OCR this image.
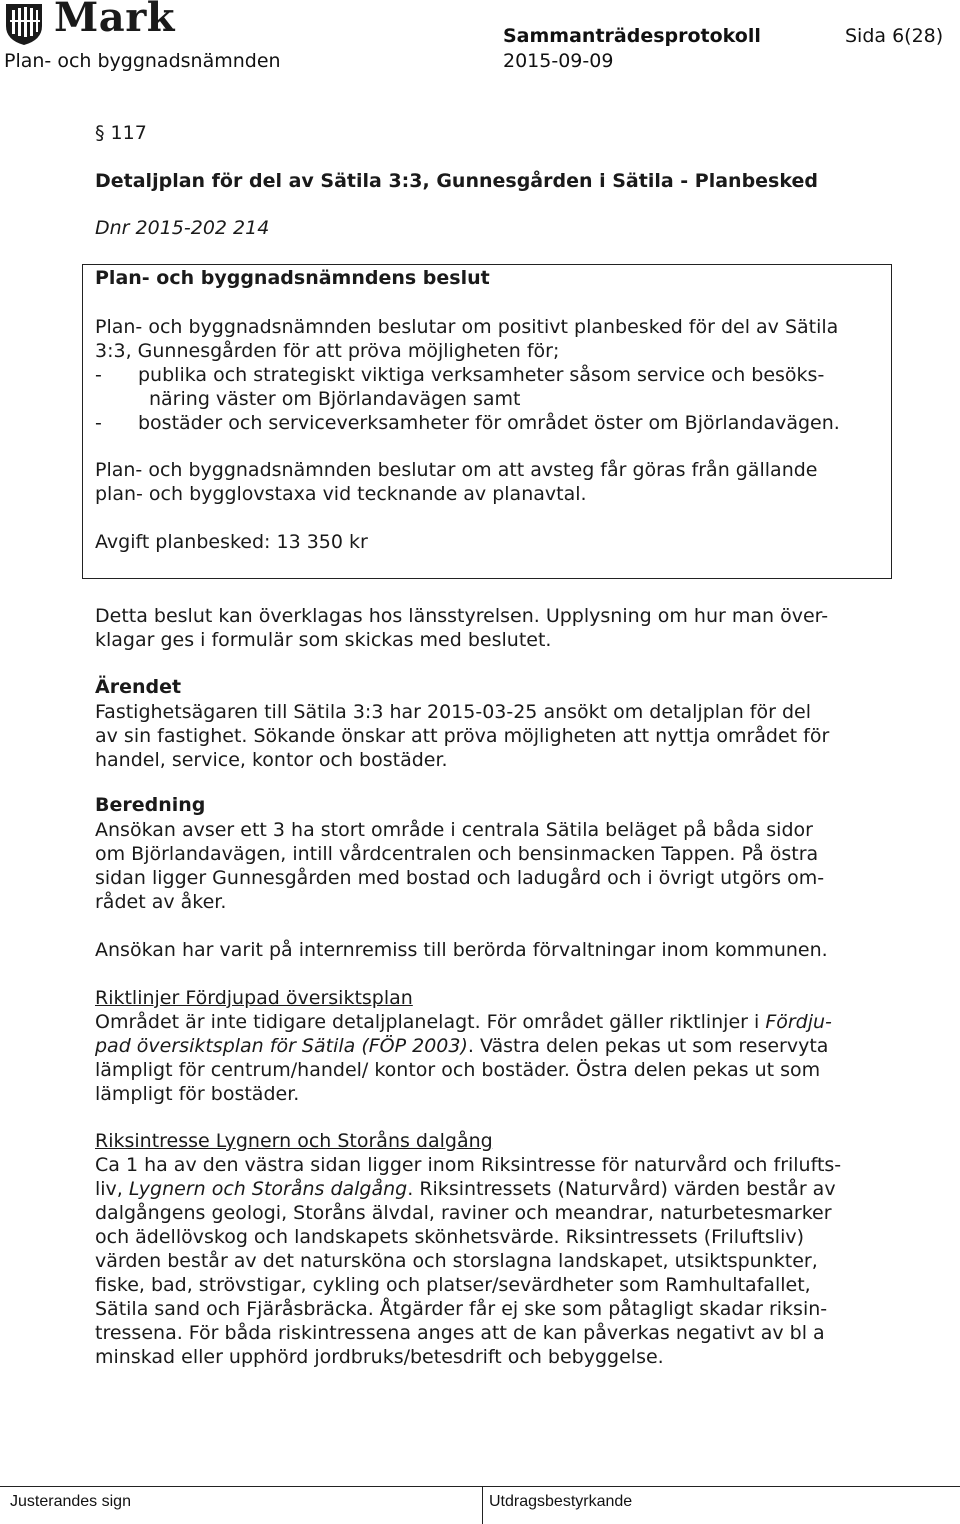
Mark
Plan- och byggnadsnämnden
Sammanträdesprotokoll	Sida 6(28)
2015-09-09
§ 117
Detaljplan för del av Sätila 3:3, Gunnesgården i Sätila - Planbesked
Dnr 2015-202 214
Plan- och byggnadsnämndens beslut
Plan- och byggnadsnämnden beslutar om positivt planbesked för del av Sätila
3:3, Gunnesgården för att pröva möjligheten för;
- publika och strategiskt viktiga verksamheter såsom service och besöks-
näring väster om Björlandavägen samt
- bostäder och serviceverksamheter för området öster om Björlandavägen.
Plan- och byggnadsnämnden beslutar om att avsteg får göras från gällande
plan- och bygglovstaxa vid tecknande av planavtal.
Avgift planbesked: 13 350 kr
Detta beslut kan överklagas hos länsstyrelsen. Upplysning om hur man över-
klagar ges i formulär som skickas med beslutet.
Ärendet
Fastighetsägaren till Sätila 3:3 har 2015-03-25 ansökt om detaljplan för del
av sin fastighet. Sökande önskar att pröva möjligheten att nyttja området för
handel, service, kontor och bostäder.
Beredning
Ansökan avser ett 3 ha stort område i centrala Sätila beläget på båda sidor
om Björlandavägen, intill vårdcentralen och bensinmacken Tappen. På östra
sidan ligger Gunnesgården med bostad och ladugård och i övrigt utgörs om-
rådet av åker.
Ansökan har varit på internremiss till berörda förvaltningar inom kommunen.
Riktlinjer Fördjupad översiktsplan
Området är inte tidigare detaljplanelagt. För området gäller riktlinjer i Fördju-
pad översiktsplan för Sätila (FÖP 2003). Västra delen pekas ut som reservyta
lämpligt för centrum/handel/ kontor och bostäder. Östra delen pekas ut som
lämpligt för bostäder.
Riksintresse Lygnern och Storåns dalgång
Ca 1 ha av den västra sidan ligger inom Riksintresse för naturvård och frilufts-
liv, Lygnern och Storåns dalgång. Riksintressets (Naturvård) värden består av
dalgångens geologi, Storåns älvdal, raviner och meandrar, naturbetesmarker
och ädellövskog och landskapets skönhetsvärde. Riksintressets (Friluftsliv)
värden består av det natursköna och storslagna landskapet, utsiktspunkter,
fiske, bad, strövstigar, cykling och platser/sevärdheter som Ramhultafallet,
Sätila sand och Fjäråsbräcka. Åtgärder får ej ske som påtagligt skadar riksin-
tressena. För båda riskintressena anges att de kan påverkas negativt av bl a
minskad eller upphörd jordbruks/betesdrift och bebyggelse.
Justerandes sign	Utdragsbestyrkande
